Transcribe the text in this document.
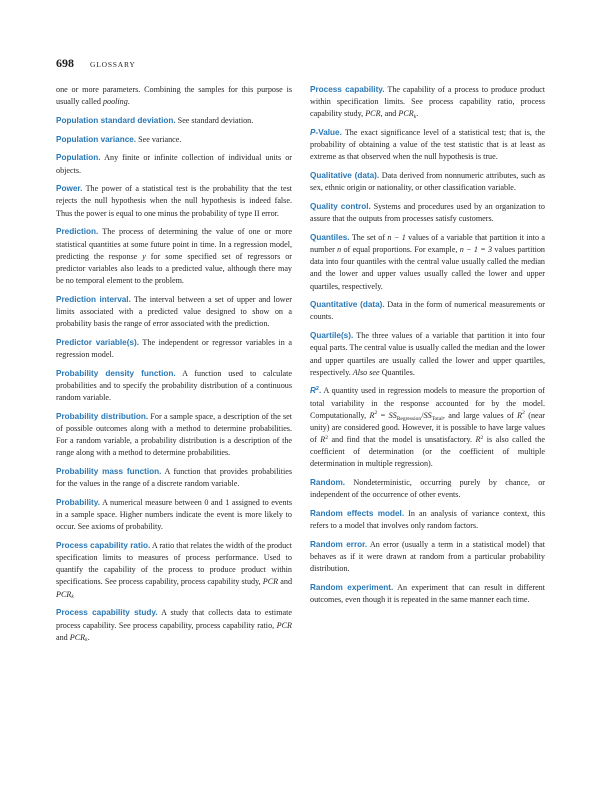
698 GLOSSARY

one or more parameters. Combining the samples for this purpose is usually called pooling.

Population standard deviation. See standard deviation.

Population variance. See variance.

Population. Any finite or infinite collection of individual units or objects.

Power. The power of a statistical test is the probability that the test rejects the null hypothesis when the null hypothesis is indeed false. Thus the power is equal to one minus the probability of type II error.

Prediction. The process of determining the value of one or more statistical quantities at some future point in time. In a regression model, predicting the response y for some specified set of regressors or predictor variables also leads to a predicted value, although there may be no temporal element to the problem.

Prediction interval. The interval between a set of upper and lower limits associated with a predicted value designed to show on a probability basis the range of error associated with the prediction.

Predictor variable(s). The independent or regressor variables in a regression model.

Probability density function. A function used to calculate probabilities and to specify the probability distribution of a continuous random variable.

Probability distribution. For a sample space, a description of the set of possible outcomes along with a method to determine probabilities. For a random variable, a probability distribution is a description of the range along with a method to determine probabilities.

Probability mass function. A function that provides probabilities for the values in the range of a discrete random variable.

Probability. A numerical measure between 0 and 1 assigned to events in a sample space. Higher numbers indicate the event is more likely to occur. See axioms of probability.

Process capability ratio. A ratio that relates the width of the product specification limits to measures of process performance. Used to quantify the capability of the process to produce product within specifications. See process capability, process capability study, PCR and $PCR_k$

Process capability study. A study that collects data to estimate process capability. See process capability, process capability ratio, PCR and $PCR_k$.

Process capability. The capability of a process to produce product within specification limits. See process capability ratio, process capability study, PCR, and $PCR_k$.

P-Value. The exact significance level of a statistical test; that is, the probability of obtaining a value of the test statistic that is at least as extreme as that observed when the null hypothesis is true.

Qualitative (data). Data derived from nonnumeric attributes, such as sex, ethnic origin or nationality, or other classification variable.

Quality control. Systems and procedures used by an organization to assure that the outputs from processes satisfy customers.

Quantiles. The set of n − 1 values of a variable that partition it into a number n of equal proportions. For example, n − 1 = 3 values partition data into four quantiles with the central value usually called the median and the lower and upper values usually called the lower and upper quartiles, respectively.

Quantitative (data). Data in the form of numerical measurements or counts.

Quartile(s). The three values of a variable that partition it into four equal parts. The central value is usually called the median and the lower and upper quartiles are usually called the lower and upper quartiles, respectively. Also see Quantiles.

$R^2$. A quantity used in regression models to measure the proportion of total variability in the response accounted for by the model. Computationally, $R^2 = SS_{Regression}/SS_{Total}$, and large values of $R^2$ (near unity) are considered good. However, it is possible to have large values of $R^2$ and find that the model is unsatisfactory. $R^2$ is also called the coefficient of determination (or the coefficient of multiple determination in multiple regression).

Random. Nondeterministic, occurring purely by chance, or independent of the occurrence of other events.

Random effects model. In an analysis of variance context, this refers to a model that involves only random factors.

Random error. An error (usually a term in a statistical model) that behaves as if it were drawn at random from a particular probability distribution.

Random experiment. An experiment that can result in different outcomes, even though it is repeated in the same manner each time.
